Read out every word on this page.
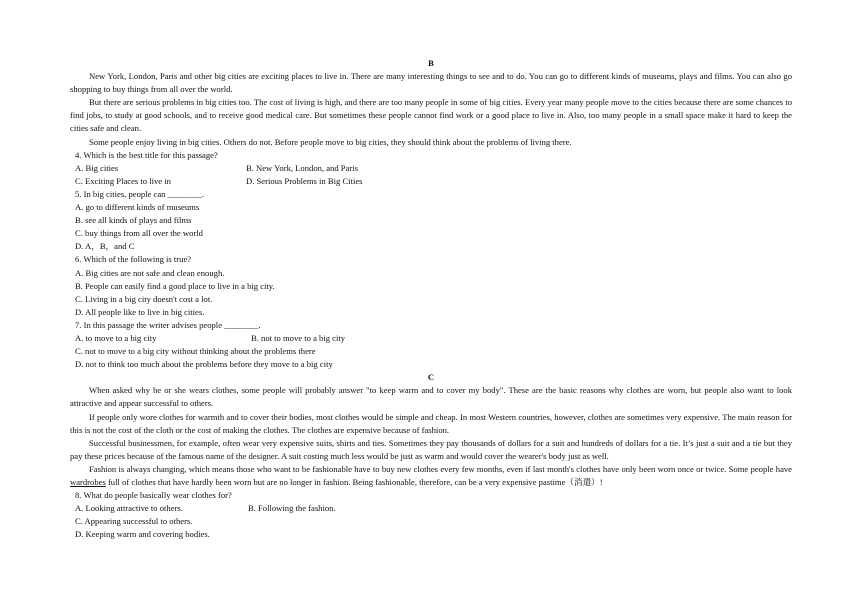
B

New York, London, Paris and other big cities are exciting places to live in. There are many interesting things to see and to do. You can go to different kinds of museums, plays and films. You can also go shopping to buy things from all over the world.

But there are serious problems in big cities too. The cost of living is high, and there are too many people in some of big cities. Every year many people move to the cities because there are some chances to find jobs, to study at good schools, and to receive good medical care. But sometimes these people cannot find work or a good place to live in. Also, too many people in a small space make it hard to keep the cities safe and clean.

Some people enjoy living in big cities. Others do not. Before people move to big cities, they should think about the problems of living there.

4. Which is the best title for this passage?
A. Big cities	B. New York, London, and Paris
C. Exciting Places to live in	D. Serious Problems in Big Cities
5. In big cities, people can ________.
A. go to different kinds of museums
B. see all kinds of plays and films
C. buy things from all over the world
D. A，B，and C
6. Which of the following is true?
A. Big cities are not safe and clean enough.
B. People can easily find a good place to live in a big city.
C. Living in a big city doesn't cost a lot.
D. All people like to live in big cities.
7. In this passage the writer advises people ________.
A. to move to a big city	B. not to move to a big city
C. not to move to a big city without thinking about the problems there
D. not to think too much about the problems before they move to a big city
C

When asked why he or she wears clothes, some people will probably answer "to keep warm and to cover my body". These are the basic reasons why clothes are worn, but people also want to look attractive and appear successful to others.

If people only wore clothes for warmth and to cover their bodies, most clothes would be simple and cheap. In most Western countries, however, clothes are sometimes very expensive. The main reason for this is not the cost of the cloth or the cost of making the clothes. The clothes are expensive because of fashion.

Successful businessmen, for example, often wear very expensive suits, shirts and ties. Sometimes they pay thousands of dollars for a suit and hundreds of dollars for a tie. It’s just a suit and a tie but they pay these prices because of the famous name of the designer. A suit costing much less would be just as warm and would cover the wearer's body just as well.

Fashion is always changing, which means those who want to be fashionable have to buy new clothes every few months, even if last month's clothes have only been worn once or twice. Some people have wardrobes full of clothes that have hardly been worn but are no longer in fashion. Being fashionable, therefore, can be a very expensive pastime（消遣）!

8. What do people basically wear clothes for?
A. Looking attractive to others.	B. Following the fashion.
C. Appearing successful to others.
D. Keeping warm and covering bodies.
